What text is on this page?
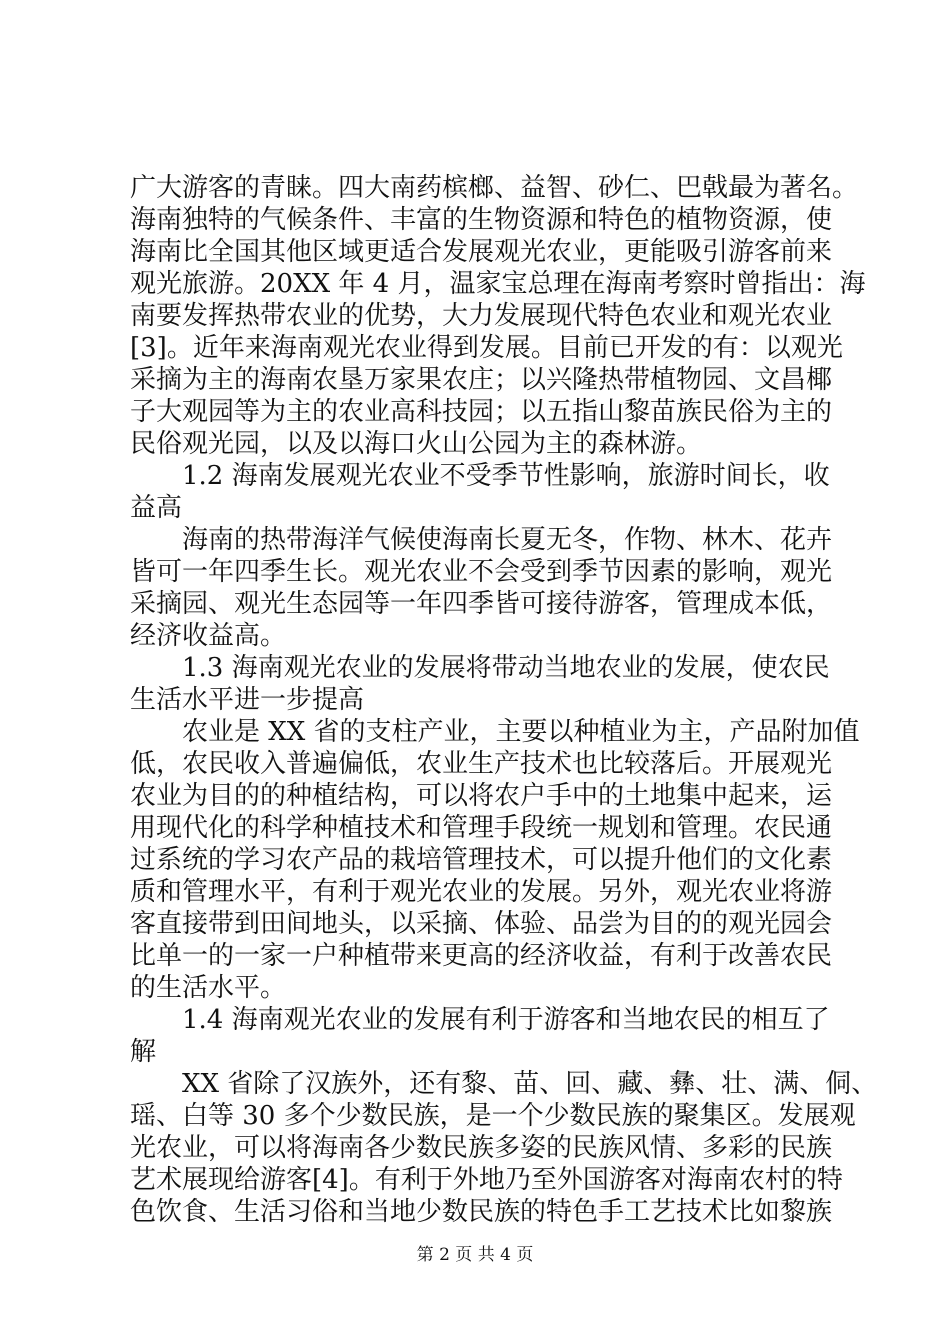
广大游客的青睐。四大南药槟榔、益智、砂仁、巴戟最为著名。
海南独特的气候条件、丰富的生物资源和特色的植物资源，使
海南比全国其他区域更适合发展观光农业，更能吸引游客前来
观光旅游。20XX 年 4 月，温家宝总理在海南考察时曾指出：海
南要发挥热带农业的优势，大力发展现代特色农业和观光农业
[3]。近年来海南观光农业得到发展。目前已开发的有：以观光
采摘为主的海南农垦万家果农庄；以兴隆热带植物园、文昌椰
子大观园等为主的农业高科技园；以五指山黎苗族民俗为主的
民俗观光园，以及以海口火山公园为主的森林游。
1.2 海南发展观光农业不受季节性影响，旅游时间长，收
益高
海南的热带海洋气候使海南长夏无冬，作物、林木、花卉
皆可一年四季生长。观光农业不会受到季节因素的影响，观光
采摘园、观光生态园等一年四季皆可接待游客，管理成本低，
经济收益高。
1.3 海南观光农业的发展将带动当地农业的发展，使农民
生活水平进一步提高
农业是 XX 省的支柱产业，主要以种植业为主，产品附加值
低，农民收入普遍偏低，农业生产技术也比较落后。开展观光
农业为目的的种植结构，可以将农户手中的土地集中起来，运
用现代化的科学种植技术和管理手段统一规划和管理。农民通
过系统的学习农产品的栽培管理技术，可以提升他们的文化素
质和管理水平，有利于观光农业的发展。另外，观光农业将游
客直接带到田间地头，以采摘、体验、品尝为目的的观光园会
比单一的一家一户种植带来更高的经济收益，有利于改善农民
的生活水平。
1.4 海南观光农业的发展有利于游客和当地农民的相互了
解
XX 省除了汉族外，还有黎、苗、回、藏、彝、壮、满、侗、
瑶、白等 30 多个少数民族，是一个少数民族的聚集区。发展观
光农业，可以将海南各少数民族多姿的民族风情、多彩的民族
艺术展现给游客[4]。有利于外地乃至外国游客对海南农村的特
色饮食、生活习俗和当地少数民族的特色手工艺技术比如黎族
第 2 页 共 4 页
